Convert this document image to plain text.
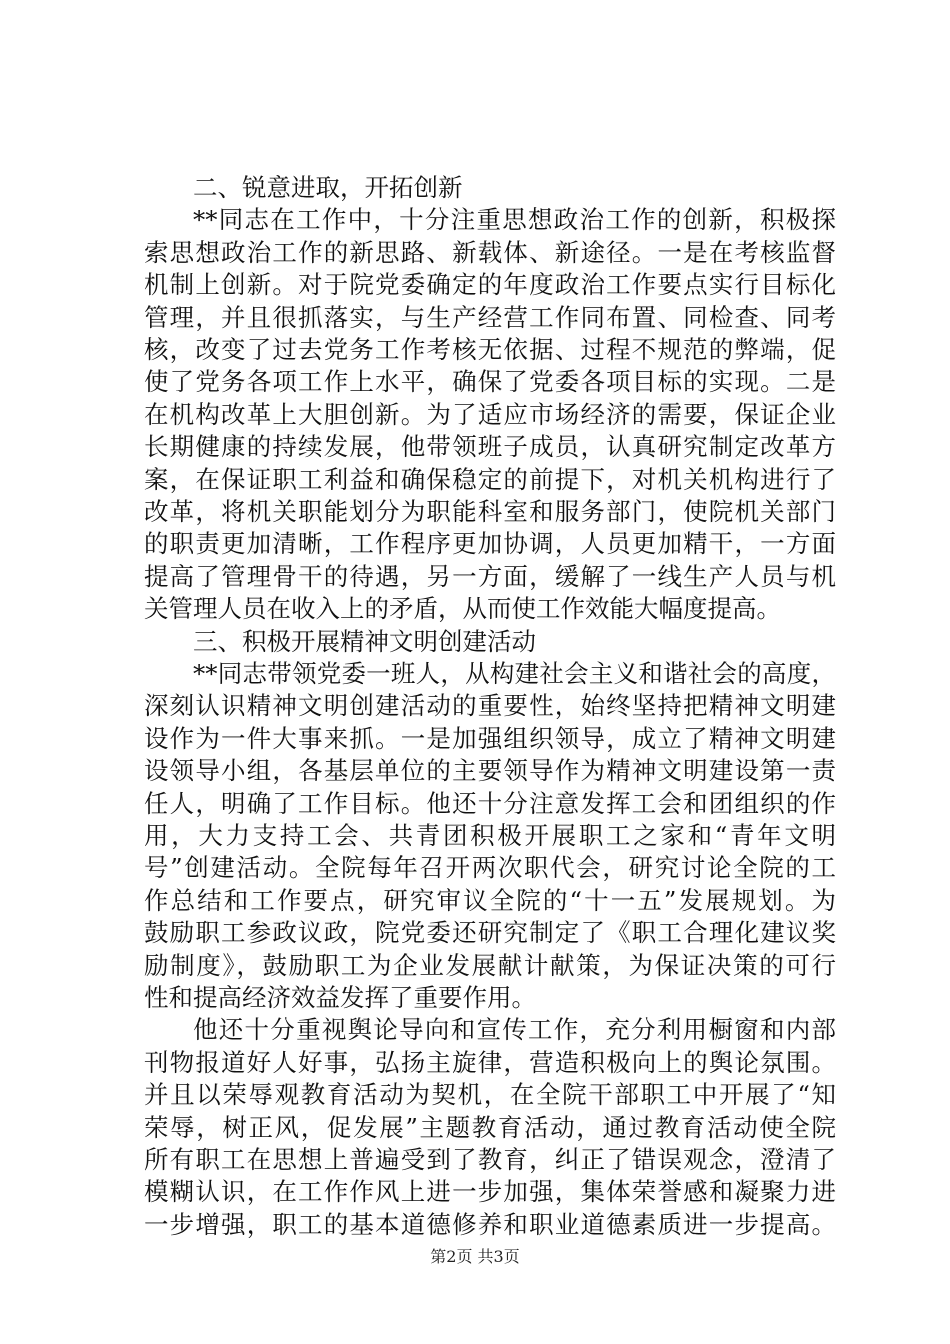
二、锐意进取，开拓创新
**同志在工作中，十分注重思想政治工作的创新，积极探
索思想政治工作的新思路、新载体、新途径。一是在考核监督
机制上创新。对于院党委确定的年度政治工作要点实行目标化
管理，并且很抓落实，与生产经营工作同布置、同检查、同考
核，改变了过去党务工作考核无依据、过程不规范的弊端，促
使了党务各项工作上水平，确保了党委各项目标的实现。二是
在机构改革上大胆创新。为了适应市场经济的需要，保证企业
长期健康的持续发展，他带领班子成员，认真研究制定改革方
案，在保证职工利益和确保稳定的前提下，对机关机构进行了
改革，将机关职能划分为职能科室和服务部门，使院机关部门
的职责更加清晰，工作程序更加协调，人员更加精干，一方面
提高了管理骨干的待遇，另一方面，缓解了一线生产人员与机
关管理人员在收入上的矛盾，从而使工作效能大幅度提高。
三、积极开展精神文明创建活动
**同志带领党委一班人，从构建社会主义和谐社会的高度，
深刻认识精神文明创建活动的重要性，始终坚持把精神文明建
设作为一件大事来抓。一是加强组织领导，成立了精神文明建
设领导小组，各基层单位的主要领导作为精神文明建设第一责
任人，明确了工作目标。他还十分注意发挥工会和团组织的作
用，大力支持工会、共青团积极开展职工之家和“青年文明
号”创建活动。全院每年召开两次职代会，研究讨论全院的工
作总结和工作要点，研究审议全院的“十一五”发展规划。为
鼓励职工参政议政，院党委还研究制定了《职工合理化建议奖
励制度》，鼓励职工为企业发展献计献策，为保证决策的可行
性和提高经济效益发挥了重要作用。
他还十分重视舆论导向和宣传工作，充分利用橱窗和内部
刊物报道好人好事，弘扬主旋律，营造积极向上的舆论氛围。
并且以荣辱观教育活动为契机，在全院干部职工中开展了“知
荣辱，树正风，促发展”主题教育活动，通过教育活动使全院
所有职工在思想上普遍受到了教育，纠正了错误观念，澄清了
模糊认识，在工作作风上进一步加强，集体荣誉感和凝聚力进
一步增强，职工的基本道德修养和职业道德素质进一步提高。
第2页 共3页
